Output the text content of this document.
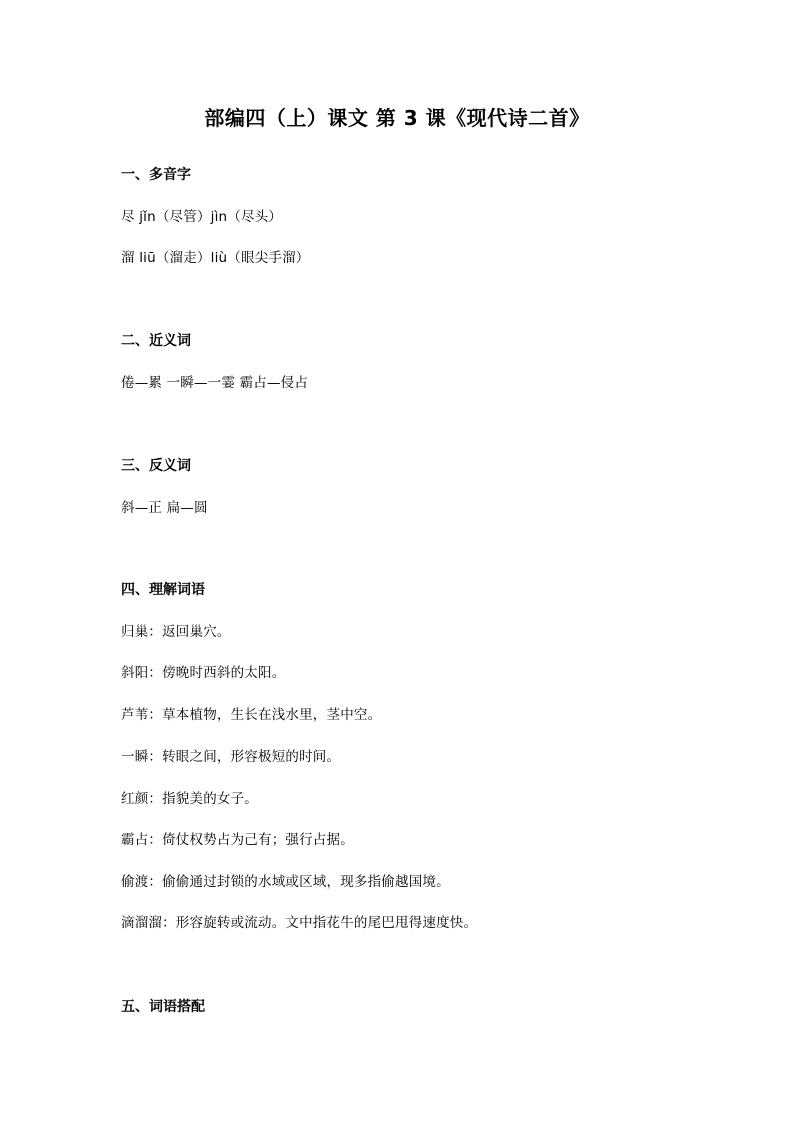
部编四（上）课文 第 3 课《现代诗二首》
一、多音字
尽 jǐn（尽管）jìn（尽头）
溜 liū（溜走）liù（眼尖手溜）
二、近义词
倦—累 一瞬—一霎 霸占—侵占
三、反义词
斜—正 扁—圆
四、理解词语
归巢：返回巢穴。
斜阳：傍晚时西斜的太阳。
芦苇：草本植物，生长在浅水里，茎中空。
一瞬：转眼之间，形容极短的时间。
红颜：指貌美的女子。
霸占：倚仗权势占为己有；强行占据。
偷渡：偷偷通过封锁的水域或区域，现多指偷越国境。
滴溜溜：形容旋转或流动。文中指花牛的尾巴甩得速度快。
五、词语搭配
